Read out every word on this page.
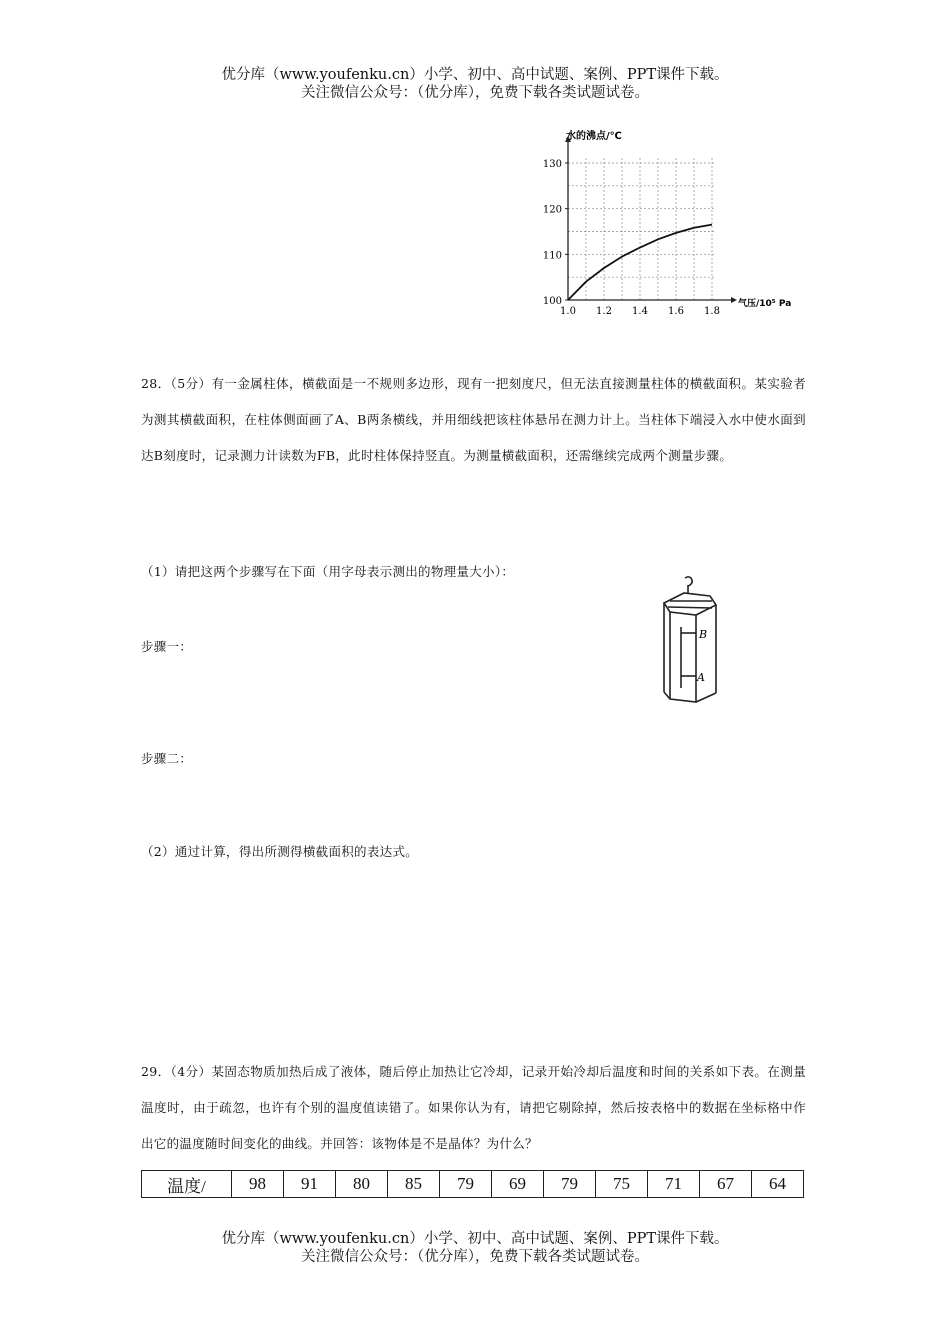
优分库（www.youfenku.cn）小学、初中、高中试题、案例、PPT课件下载。
关注微信公众号：（优分库），免费下载各类试题试卷。
1.0 1.2 1.4 1.6 1.8
100
110
120
130
水的沸点/℃
气压/10⁵ Pa
28．（5分）有一金属柱体，横截面是一不规则多边形，现有一把刻度尺，但无法直接测量柱体的横截面积。某实验者为测其横截面积，在柱体侧面画了A、B两条横线，并用细线把该柱体悬吊在测力计上。当柱体下端浸入水中使水面到达B刻度时，记录测力计读数为FB，此时柱体保持竖直。为测量横截面积，还需继续完成两个测量步骤。
（1）请把这两个步骤写在下面（用字母表示测出的物理量大小）：
步骤一：
步骤二：
（2）通过计算，得出所测得横截面积的表达式。
B
A
29．（4分）某固态物质加热后成了液体，随后停止加热让它冷却，记录开始冷却后温度和时间的关系如下表。在测量温度时，由于疏忽，也许有个别的温度值读错了。如果你认为有，请把它剔除掉，然后按表格中的数据在坐标格中作出它的温度随时间变化的曲线。并回答：该物体是不是晶体？为什么？
温度/	98	91	80	85	79	69	79	75	71	67	64
优分库（www.youfenku.cn）小学、初中、高中试题、案例、PPT课件下载。
关注微信公众号：（优分库），免费下载各类试题试卷。
